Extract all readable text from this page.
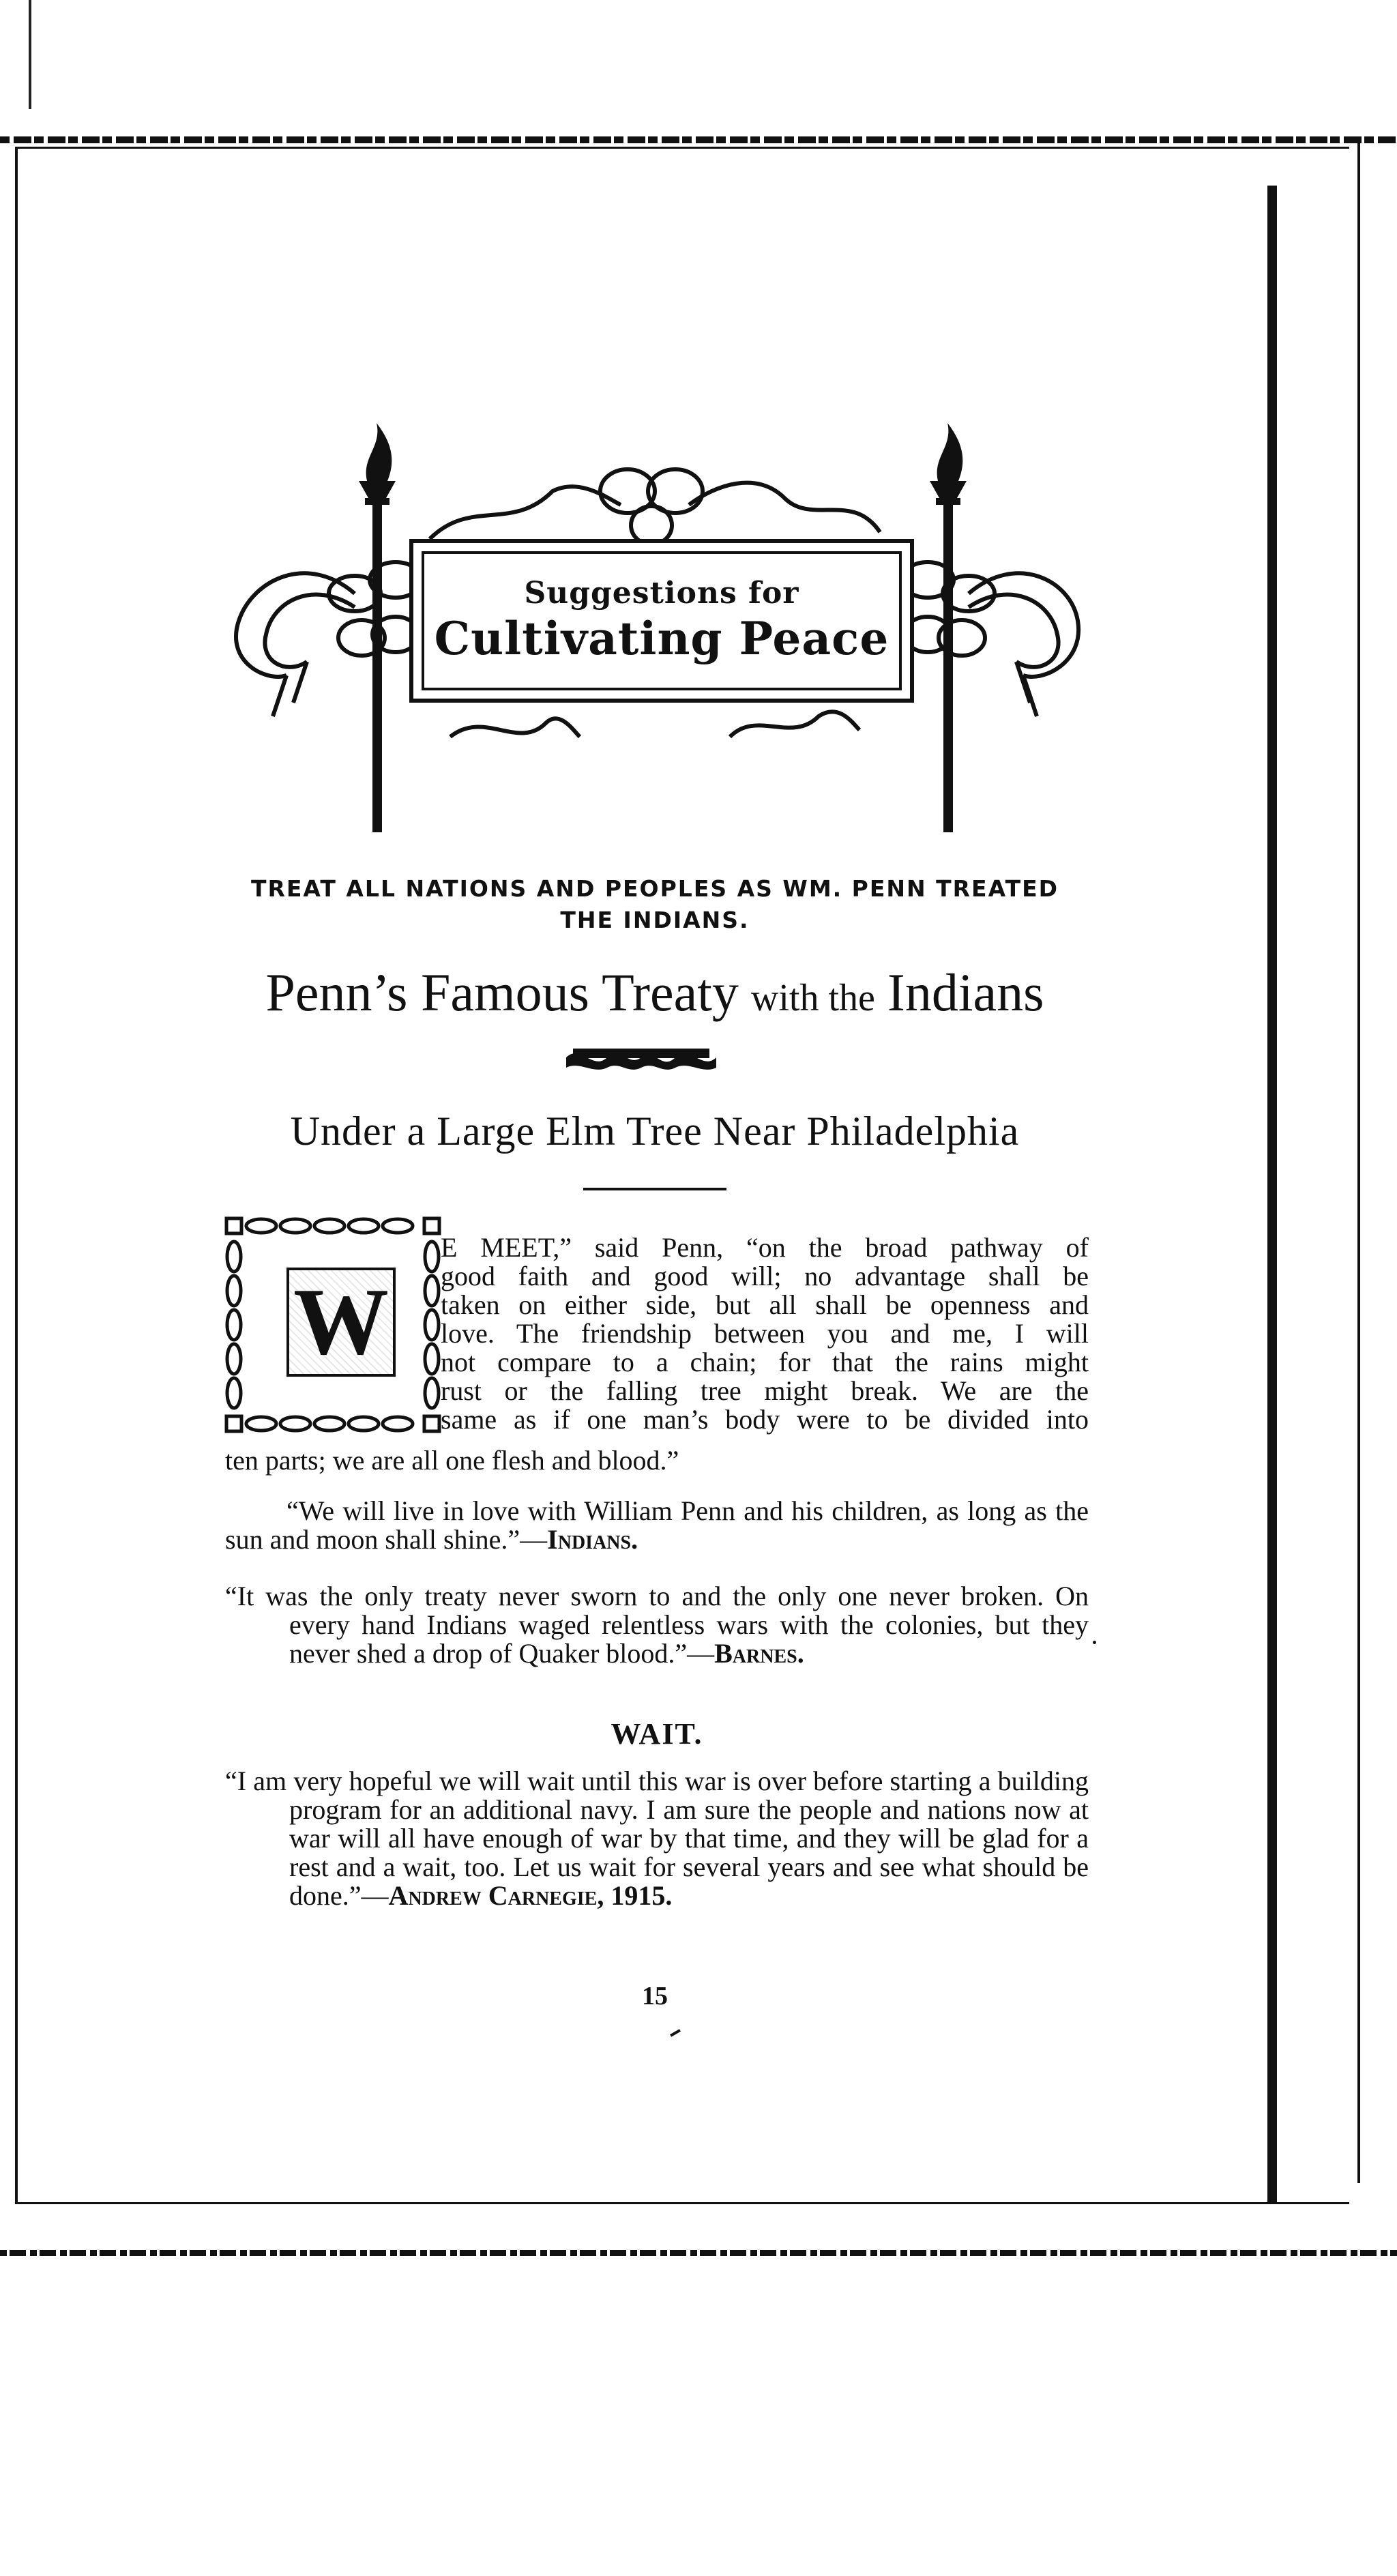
Suggestions for
Cultivating Peace
TREAT ALL NATIONS AND PEOPLES AS WM. PENN TREATED THE INDIANS.
Penn’s Famous Treaty with the Indians
Under a Large Elm Tree Near Philadelphia
W
E MEET,” said Penn, “on the broad pathway of
good faith and good will; no advantage shall be
taken on either side, but all shall be openness and
love. The friendship between you and me, I will
not compare to a chain; for that the rains might
rust or the falling tree might break. We are the
same as if one man’s body were to be divided into
ten parts; we are all one flesh and blood.”
“We will live in love with William Penn and his children, as long as the sun and moon shall shine.”—Indians.
“It was the only treaty never sworn to and the only one never broken. On every hand Indians waged relentless wars with the colonies, but they never shed a drop of Quaker blood.”—Barnes.
WAIT.
“I am very hopeful we will wait until this war is over before starting a building program for an additional navy. I am sure the people and nations now at war will all have enough of war by that time, and they will be glad for a rest and a wait, too. Let us wait for several years and see what should be done.”—Andrew Carnegie, 1915.
15
